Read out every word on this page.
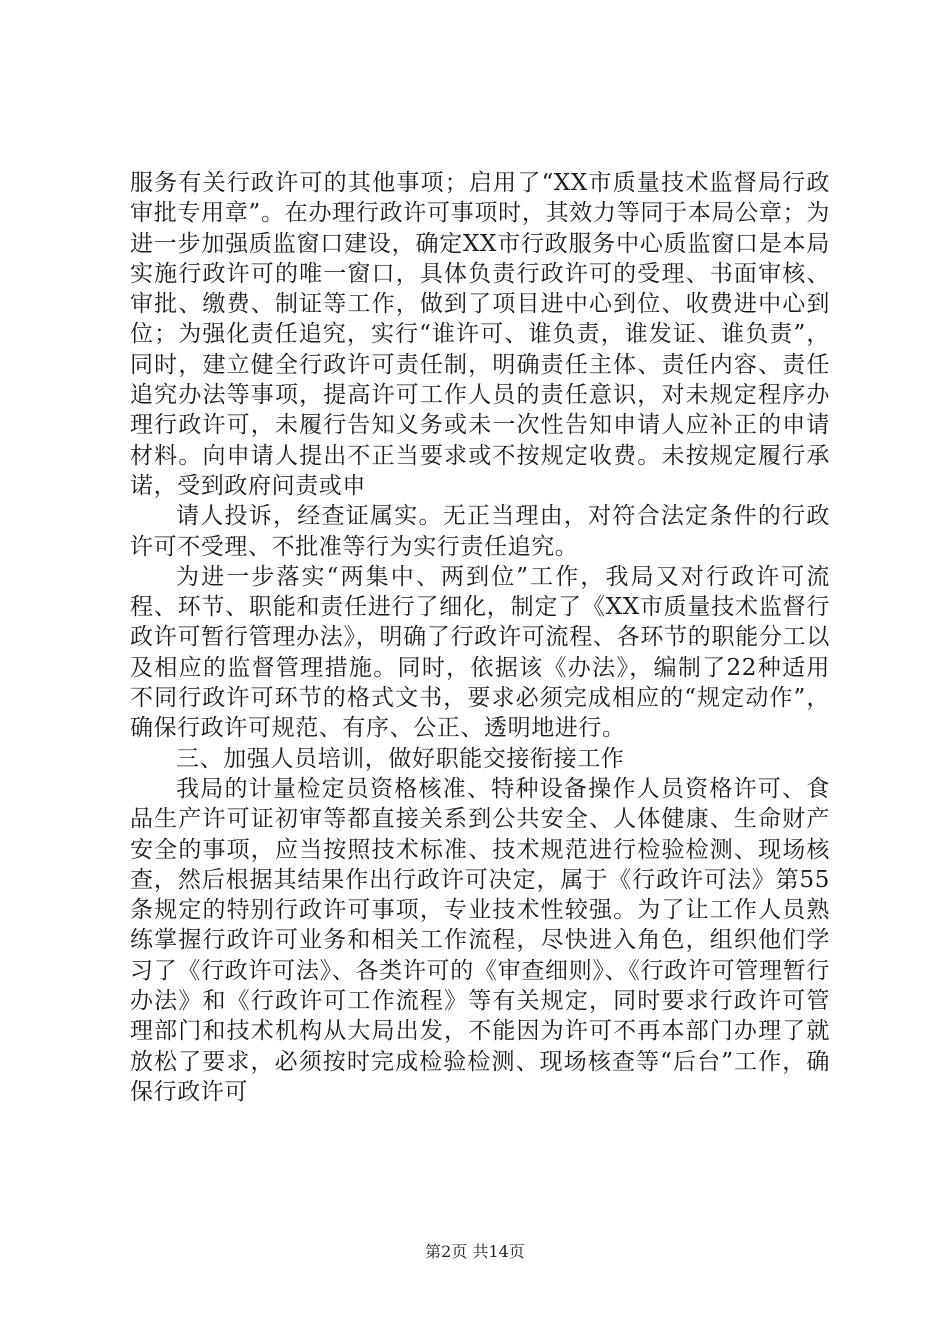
服务有关行政许可的其他事项；启用了“XX市质量技术监督局行政审批专用章”。在办理行政许可事项时，其效力等同于本局公章；为进一步加强质监窗口建设，确定XX市行政服务中心质监窗口是本局实施行政许可的唯一窗口，具体负责行政许可的受理、书面审核、审批、缴费、制证等工作，做到了项目进中心到位、收费进中心到位；为强化责任追究，实行“谁许可、谁负责，谁发证、谁负责”，同时，建立健全行政许可责任制，明确责任主体、责任内容、责任追究办法等事项，提高许可工作人员的责任意识，对未规定程序办理行政许可，未履行告知义务或未一次性告知申请人应补正的申请材料。向申请人提出不正当要求或不按规定收费。未按规定履行承诺，受到政府问责或申

请人投诉，经查证属实。无正当理由，对符合法定条件的行政许可不受理、不批准等行为实行责任追究。

为进一步落实“两集中、两到位”工作，我局又对行政许可流程、环节、职能和责任进行了细化，制定了《XX市质量技术监督行政许可暂行管理办法》，明确了行政许可流程、各环节的职能分工以及相应的监督管理措施。同时，依据该《办法》，编制了22种适用不同行政许可环节的格式文书，要求必须完成相应的“规定动作”，确保行政许可规范、有序、公正、透明地进行。

三、加强人员培训，做好职能交接衔接工作

我局的计量检定员资格核准、特种设备操作人员资格许可、食品生产许可证初审等都直接关系到公共安全、人体健康、生命财产安全的事项，应当按照技术标准、技术规范进行检验检测、现场核查，然后根据其结果作出行政许可决定，属于《行政许可法》第55条规定的特别行政许可事项，专业技术性较强。为了让工作人员熟练掌握行政许可业务和相关工作流程，尽快进入角色，组织他们学习了《行政许可法》、各类许可的《审查细则》、《行政许可管理暂行办法》和《行政许可工作流程》等有关规定，同时要求行政许可管理部门和技术机构从大局出发，不能因为许可不再本部门办理了就放松了要求，必须按时完成检验检测、现场核查等“后台”工作，确保行政许可

第2页 共14页
